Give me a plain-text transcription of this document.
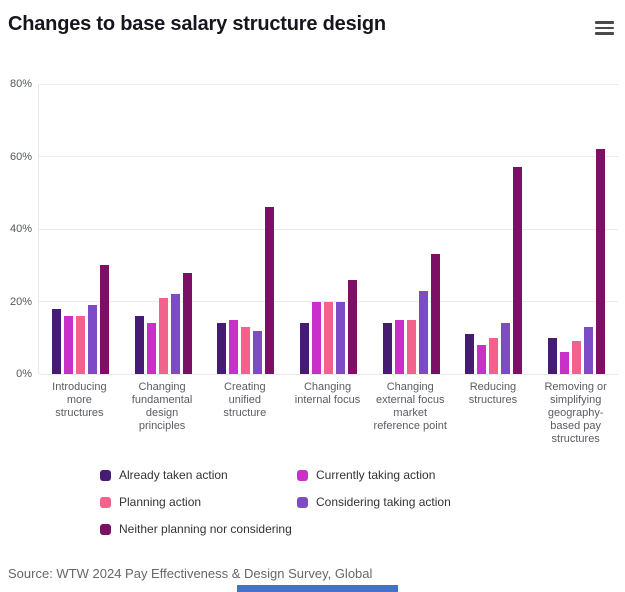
Changes to base salary structure design
0%
20%
40%
60%
80%
Introducing more structures
Changing fundamental design principles
Creating unified structure
Changing internal focus
Changing external focus market reference point
Reducing structures
Removing or simplifying geography-based pay structures
Already taken action	Currently taking action
Planning action	Considering taking action
Neither planning nor considering
Source: WTW 2024 Pay Effectiveness & Design Survey, Global
